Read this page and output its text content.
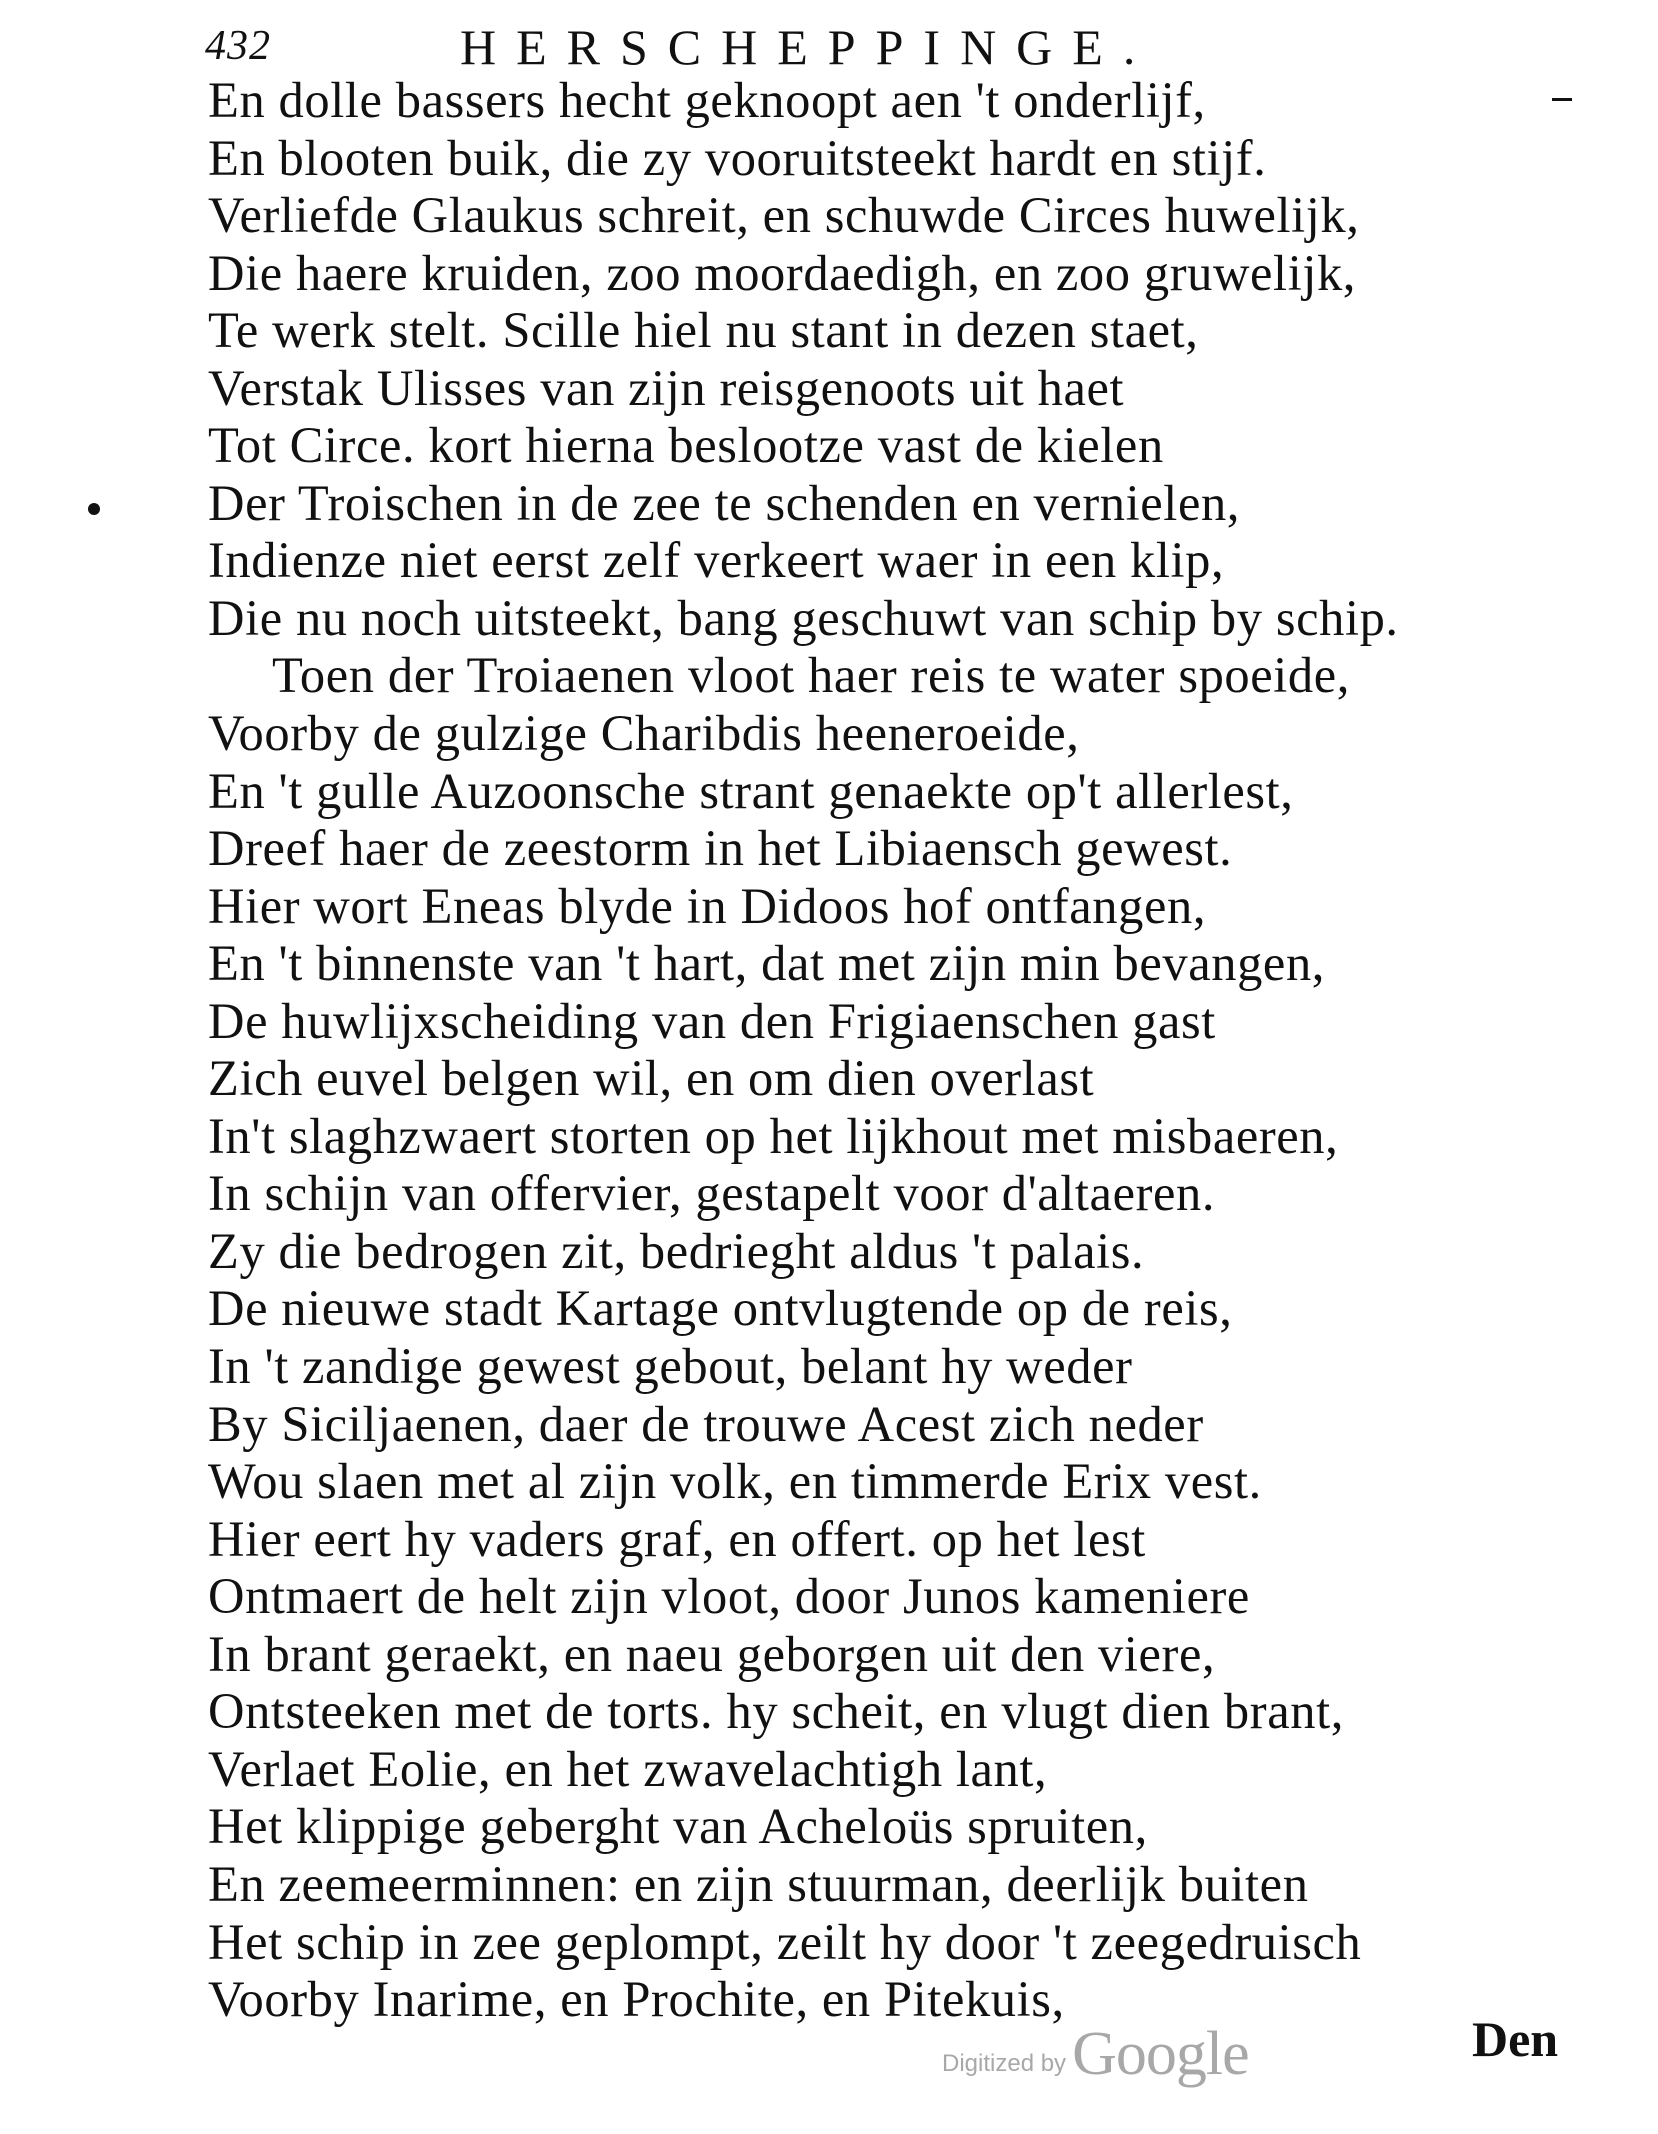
432	HERSCHEPPINGE.
En dolle bassers hecht geknoopt aen 't onderlijf,
En blooten buik, die zy vooruitsteekt hardt en stijf.
Verliefde Glaukus schreit, en schuwde Circes huwelijk,
Die haere kruiden, zoo moordaedigh, en zoo gruwelijk,
Te werk stelt. Scille hiel nu stant in dezen staet,
Verstak Ulisses van zijn reisgenoots uit haet
Tot Circe. kort hierna beslootze vast de kielen
Der Troischen in de zee te schenden en vernielen,
Indienze niet eerst zelf verkeert waer in een klip,
Die nu noch uitsteekt, bang geschuwt van schip by schip.
Toen der Troiaenen vloot haer reis te water spoeide,
Voorby de gulzige Charibdis heeneroeide,
En 't gulle Auzoonsche strant genaekte op't allerlest,
Dreef haer de zeestorm in het Libiaensch gewest.
Hier wort Eneas blyde in Didoos hof ontfangen,
En 't binnenste van 't hart, dat met zijn min bevangen,
De huwlijxscheiding van den Frigiaenschen gast
Zich euvel belgen wil, en om dien overlast
In't slaghzwaert storten op het lijkhout met misbaeren,
In schijn van offervier, gestapelt voor d'altaeren.
Zy die bedrogen zit, bedrieght aldus 't palais.
De nieuwe stadt Kartage ontvlugtende op de reis,
In 't zandige gewest gebout, belant hy weder
By Siciljaenen, daer de trouwe Acest zich neder
Wou slaen met al zijn volk, en timmerde Erix vest.
Hier eert hy vaders graf, en offert. op het lest
Ontmaert de helt zijn vloot, door Junos kameniere
In brant geraekt, en naeu geborgen uit den viere,
Ontsteeken met de torts. hy scheit, en vlugt dien brant,
Verlaet Eolie, en het zwavelachtigh lant,
Het klippige geberght van Acheloüs spruiten,
En zeemeerminnen: en zijn stuurman, deerlijk buiten
Het schip in zee geplompt, zeilt hy door 't zeegedruisch
Voorby Inarime, en Prochite, en Pitekuis,
Digitized by Google	Den
